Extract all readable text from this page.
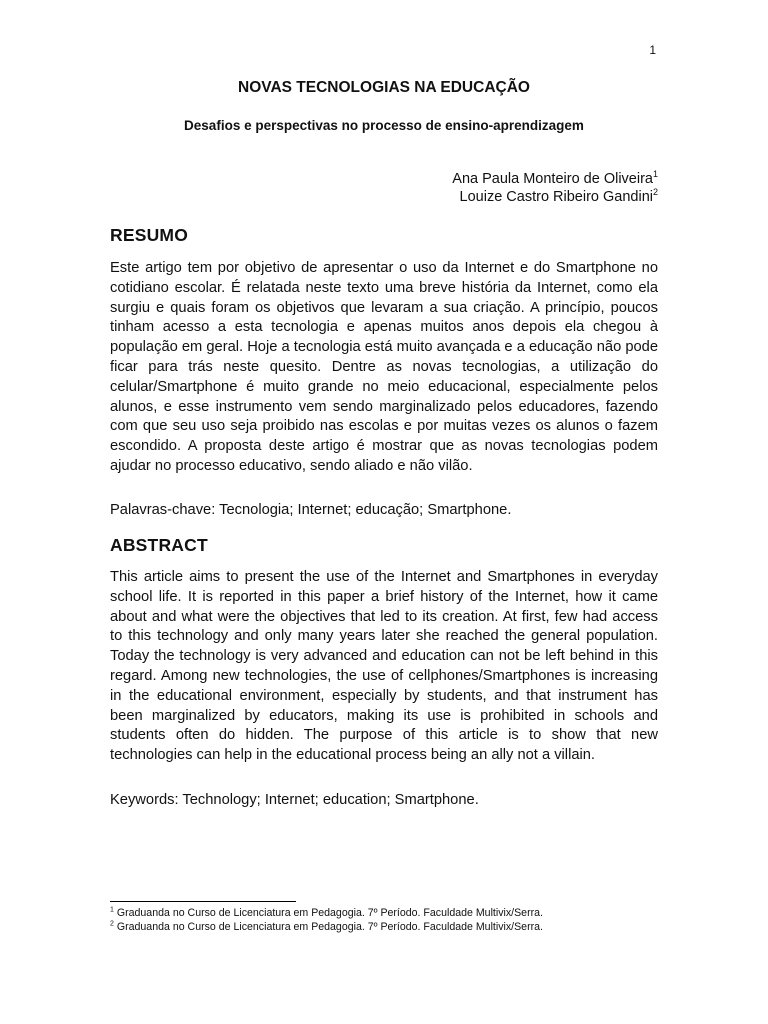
1
NOVAS TECNOLOGIAS NA EDUCAÇÃO
Desafios e perspectivas no processo de ensino-aprendizagem
Ana Paula Monteiro de Oliveira$^1$
Louize Castro Ribeiro Gandini$^2$
RESUMO

Este artigo tem por objetivo de apresentar o uso da Internet e do Smartphone no cotidiano escolar. É relatada neste texto uma breve história da Internet, como ela surgiu e quais foram os objetivos que levaram a sua criação. A princípio, poucos tinham acesso a esta tecnologia e apenas muitos anos depois ela chegou à população em geral. Hoje a tecnologia está muito avançada e a educação não pode ficar para trás neste quesito. Dentre as novas tecnologias, a utilização do celular/Smartphone é muito grande no meio educacional, especialmente pelos alunos, e esse instrumento vem sendo marginalizado pelos educadores, fazendo com que seu uso seja proibido nas escolas e por muitas vezes os alunos o fazem escondido. A proposta deste artigo é mostrar que as novas tecnologias podem ajudar no processo educativo, sendo aliado e não vilão.

Palavras-chave: Tecnologia; Internet; educação; Smartphone.

ABSTRACT

This article aims to present the use of the Internet and Smartphones in everyday school life. It is reported in this paper a brief history of the Internet, how it came about and what were the objectives that led to its creation. At first, few had access to this technology and only many years later she reached the general population. Today the technology is very advanced and education can not be left behind in this regard. Among new technologies, the use of cellphones/Smartphones is increasing in the educational environment, especially by students, and that instrument has been marginalized by educators, making its use is prohibited in schools and students often do hidden. The purpose of this article is to show that new technologies can help in the educational process being an ally not a villain.

Keywords: Technology; Internet; education; Smartphone.

$^1$ Graduanda no Curso de Licenciatura em Pedagogia. 7º Período. Faculdade Multivix/Serra.

$^2$ Graduanda no Curso de Licenciatura em Pedagogia. 7º Período. Faculdade Multivix/Serra.
